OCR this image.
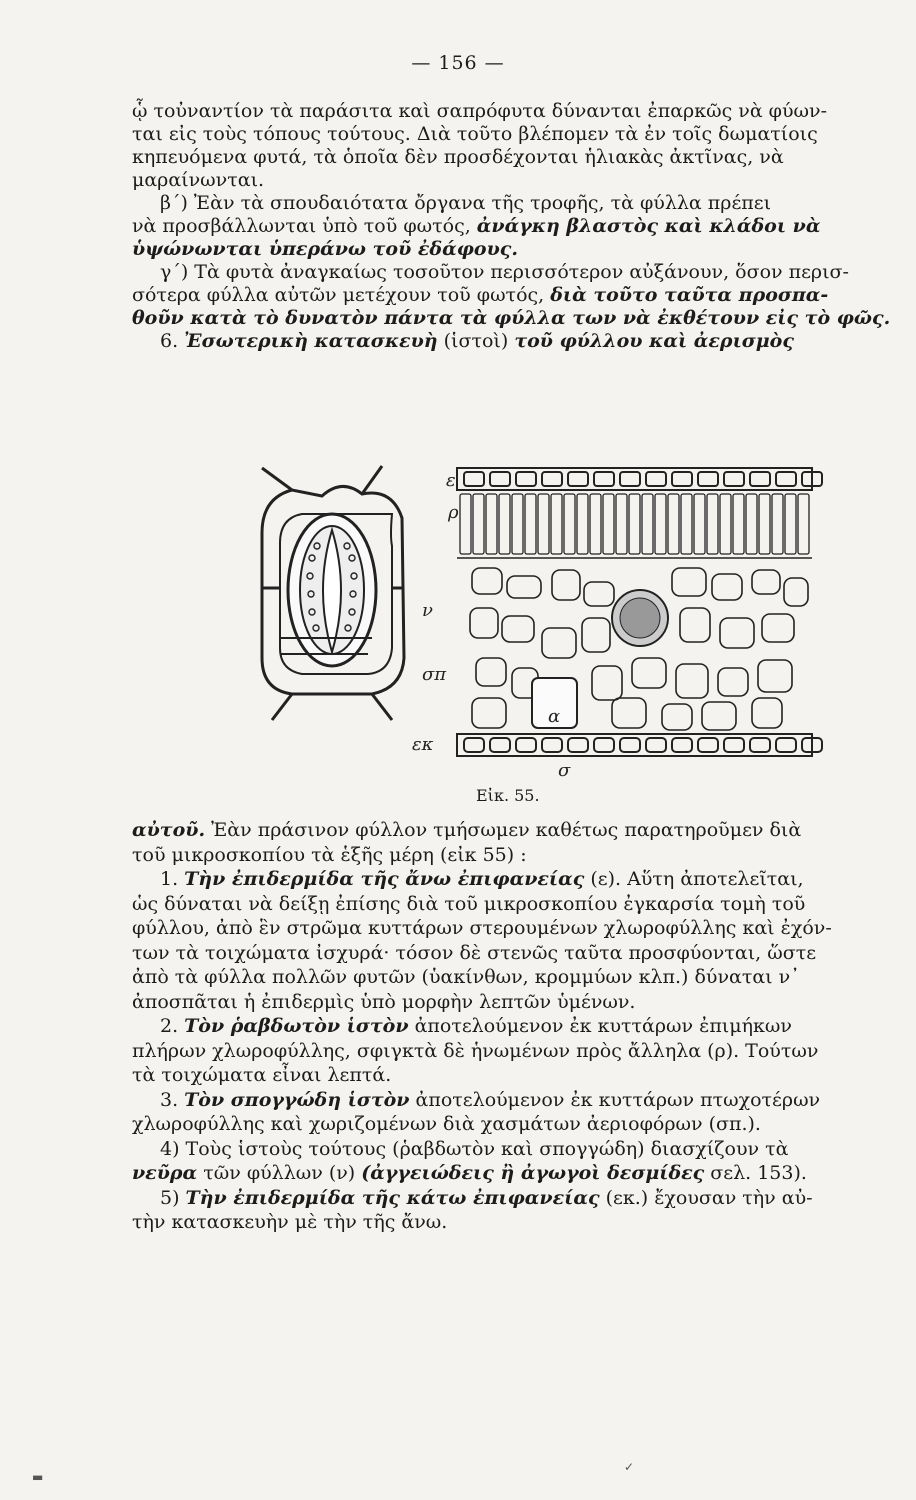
— 156 —
ᾧ τοὐναντίον τὰ παράσιτα καὶ σαπρόφυτα δύνανται ἐπαρκῶς νὰ φύων-
ται εἰς τοὺς τόπους τούτους. Διὰ τοῦτο βλέπομεν τὰ ἐν τοῖς δωματίοις
κηπευόμενα φυτά, τὰ ὁποῖα δὲν προσδέχονται ἡλιακὰς ἀκτῖνας, νὰ
μαραίνωνται.
β΄) Ἐὰν τὰ σπουδαιότατα ὄργανα τῆς τροφῆς, τὰ φύλλα πρέπει
νὰ προσβάλλωνται ὑπὸ τοῦ φωτός, ἀνάγκη βλαστὸς καὶ κλάδοι νὰ
ὑψώνωνται ὑπεράνω τοῦ ἐδάφους.
γ΄) Τὰ φυτὰ ἀναγκαίως τοσοῦτον περισσότερον αὐξάνουν, ὅσον περισ-
σότερα φύλλα αὐτῶν μετέχουν τοῦ φωτός, διὰ τοῦτο ταῦτα προσπα-
θοῦν κατὰ τὸ δυνατὸν πάντα τὰ φύλλα των νὰ ἐκθέτουν εἰς τὸ φῶς.
6. Ἐσωτερικὴ κατασκευὴ (ἱστοὶ) τοῦ φύλλου καὶ ἀερισμὸς
ε
ρ
ν
σπ
α
εκ
σ
Εἰκ. 55.
αὐτοῦ. Ἐὰν πράσινον φύλλον τμήσωμεν καθέτως παρατηροῦμεν διὰ
τοῦ μικροσκοπίου τὰ ἑξῆς μέρη (εἰκ 55) :
1. Τὴν ἐπιδερμίδα τῆς ἄνω ἐπιφανείας (ε). Αὕτη ἀποτελεῖται,
ὡς δύναται νὰ δείξῃ ἐπίσης διὰ τοῦ μικροσκοπίου ἐγκαρσία τομὴ τοῦ
φύλλου, ἀπὸ ἓν στρῶμα κυττάρων στερουμένων χλωροφύλλης καὶ ἐχόν-
των τὰ τοιχώματα ἰσχυρά· τόσον δὲ στενῶς ταῦτα προσφύονται, ὥστε
ἀπὸ τὰ φύλλα πολλῶν φυτῶν (ὑακίνθων, κρομμύων κλπ.) δύναται ν᾽
ἀποσπᾶται ἡ ἐπιδερμὶς ὑπὸ μορφὴν λεπτῶν ὑμένων.
2. Τὸν ῥαβδωτὸν ἱστὸν ἀποτελούμενον ἐκ κυττάρων ἐπιμήκων
πλήρων χλωροφύλλης, σφιγκτὰ δὲ ἡνωμένων πρὸς ἄλληλα (ρ). Τούτων
τὰ τοιχώματα εἶναι λεπτά.
3. Τὸν σπογγώδη ἱστὸν ἀποτελούμενον ἐκ κυττάρων πτωχοτέρων
χλωροφύλλης καὶ χωριζομένων διὰ χασμάτων ἀεριοφόρων (σπ.).
4) Τοὺς ἱστοὺς τούτους (ῥαβδωτὸν καὶ σπογγώδη) διασχίζουν τὰ
νεῦρα τῶν φύλλων (ν) (ἀγγειώδεις ἢ ἀγωγοὶ δεσμίδες σελ. 153).
5) Τὴν ἐπιδερμίδα τῆς κάτω ἐπιφανείας (εκ.) ἔχουσαν τὴν αὐ-
τὴν κατασκευὴν μὲ τὴν τῆς ἄνω.
▬
✓
